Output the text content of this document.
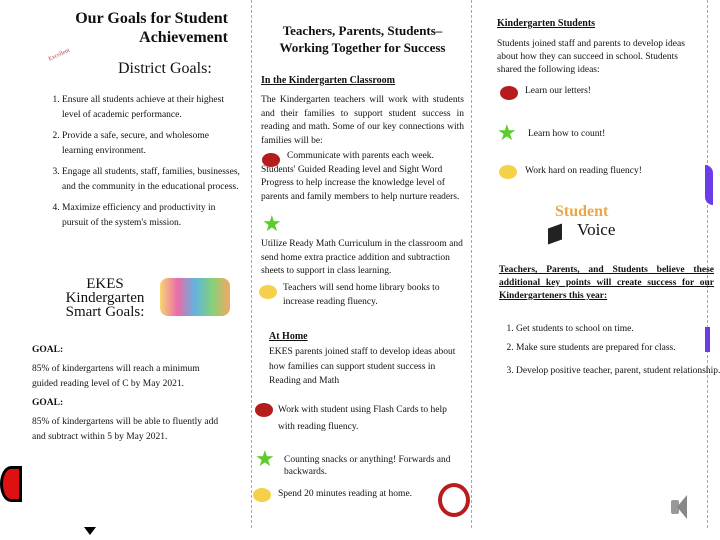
Our Goals for Student Achievement
Excellent
District Goals:
1. Ensure all students achieve at their highest level of academic performance.
2. Provide a safe, secure, and wholesome learning environment.
3. Engage all students, staff, families, businesses, and the community in the educational process.
4. Maximize efficiency and productivity in pursuit of the system's mission.
EKES Kindergarten Smart Goals:
GOAL:
85% of kindergartens will reach a minimum guided reading level of C by May 2021.
GOAL:
85% of kindergartens will be able to fluently add and subtract within 5 by May 2021.
Teachers, Parents, Students– Working Together for Success
In the Kindergarten Classroom
The Kindergarten teachers will work with students and their families to support student success in reading and math. Some of our key connections with families will be:
Communicate with parents each week. Students' Guided Reading level and Sight Word Progress to help increase the knowledge level of parents and family members to help nurture readers.
★
Utilize Ready Math Curriculum in the classroom and send home extra practice addition and subtraction sheets to support in class learning.
Teachers will send home library books to increase reading fluency.
At Home
EKES parents joined staff to develop ideas about how families can support student success in Reading and Math
Work with student using Flash Cards to help with reading fluency.
★ Counting snacks or anything! Forwards and backwards.
Spend 20 minutes reading at home.
Kindergarten Students
Students joined staff and parents to develop ideas about how they can succeed in school. Students shared the following ideas:
Learn our letters!
★ Learn how to count!
Work hard on reading fluency!
Student
Voice
Teachers, Parents, and Students believe these additional key points will create success for our Kindergarteners this year:
1. Get students to school on time.
2. Make sure students are prepared for class.
3. Develop positive teacher, parent, student relationship.
